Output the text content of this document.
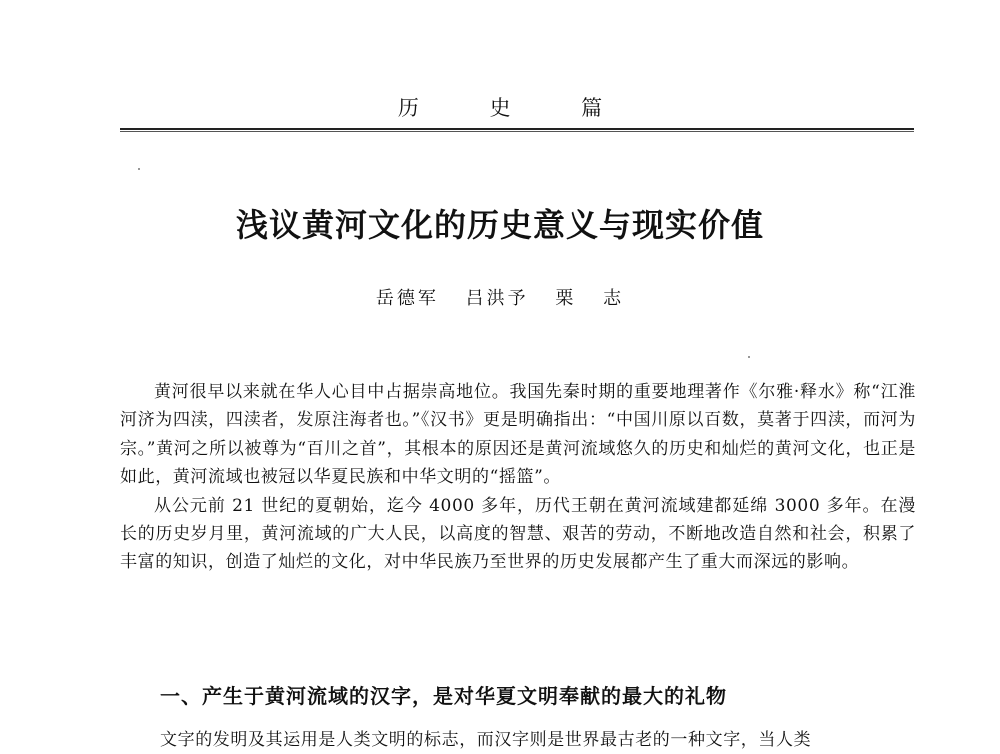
历 史 篇
浅议黄河文化的历史意义与现实价值
岳德军 吕洪予 栗 志

黄河很早以来就在华人心目中占据崇高地位。我国先秦时期的重要地理著作《尔雅·释水》称“江淮河济为四渎，四渎者，发原注海者也。”《汉书》更是明确指出：“中国川原以百数，莫著于四渎，而河为宗。”黄河之所以被尊为“百川之首”，其根本的原因还是黄河流域悠久的历史和灿烂的黄河文化，也正是如此，黄河流域也被冠以华夏民族和中华文明的“摇篮”。

从公元前 21 世纪的夏朝始，迄今 4000 多年，历代王朝在黄河流域建都延绵 3000 多年。在漫长的历史岁月里，黄河流域的广大人民，以高度的智慧、艰苦的劳动，不断地改造自然和社会，积累了丰富的知识，创造了灿烂的文化，对中华民族乃至世界的历史发展都产生了重大而深远的影响。

一、产生于黄河流域的汉字，是对华夏文明奉献的最大的礼物
文字的发明及其运用是人类文明的标志，而汉字则是世界最古老的一种文字，当人类
